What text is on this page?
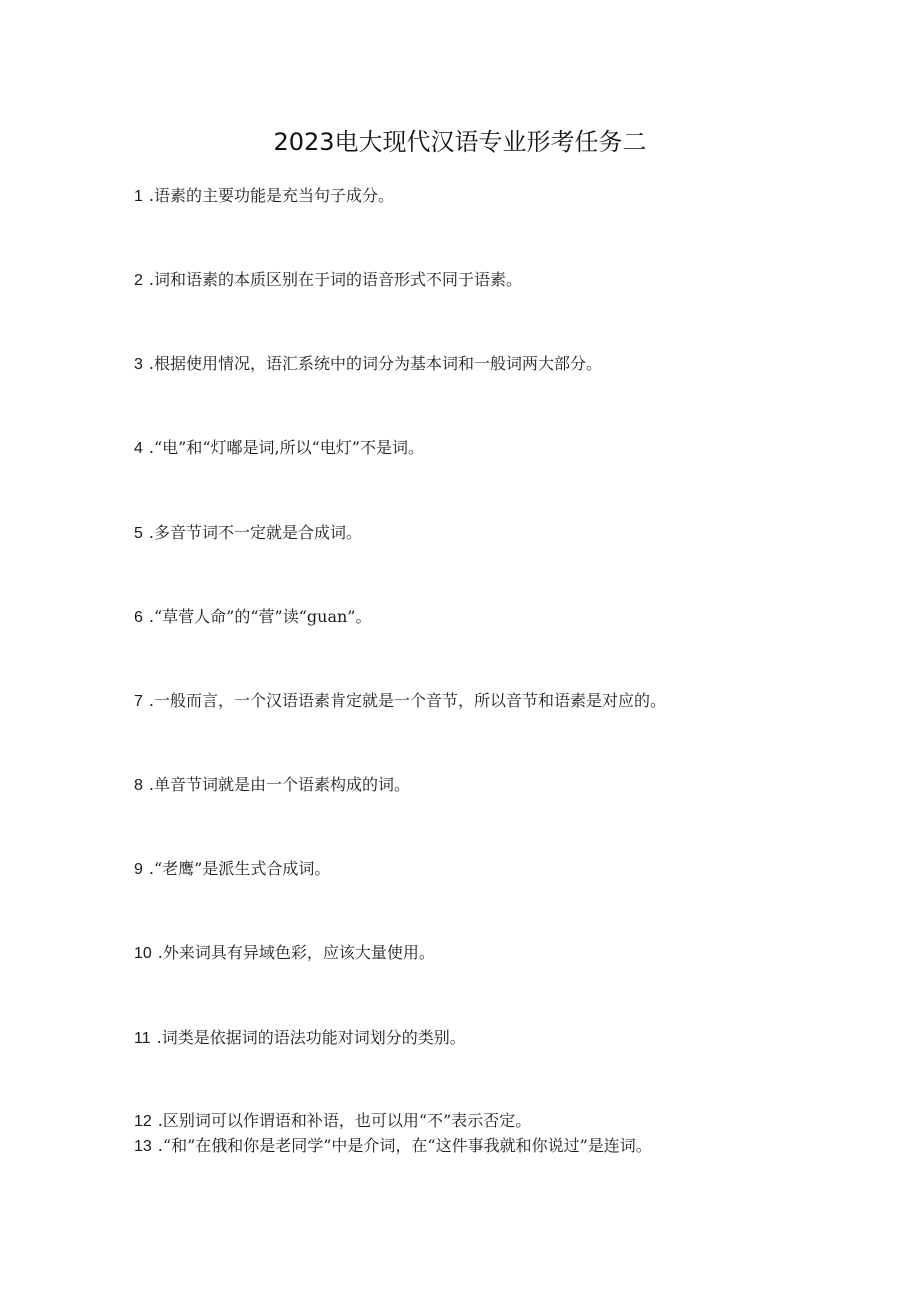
2023电大现代汉语专业形考任务二
1 .语素的主要功能是充当句子成分。
2 .词和语素的本质区别在于词的语音形式不同于语素。
3 .根据使用情况，语汇系统中的词分为基本词和一般词两大部分。
4 .“电”和“灯嘟是词,所以“电灯”不是词。
5 .多音节词不一定就是合成词。
6 .“草菅人命”的“菅”读“guan”。
7 .一般而言，一个汉语语素肯定就是一个音节，所以音节和语素是对应的。
8 .单音节词就是由一个语素构成的词。
9 .“老鹰”是派生式合成词。
10 .外来词具有异域色彩，应该大量使用。
11 .词类是依据词的语法功能对词划分的类别。
12 .区别词可以作谓语和补语，也可以用“不”表示否定。
13 .“和”在俄和你是老同学”中是介词，在“这件事我就和你说过”是连词。
